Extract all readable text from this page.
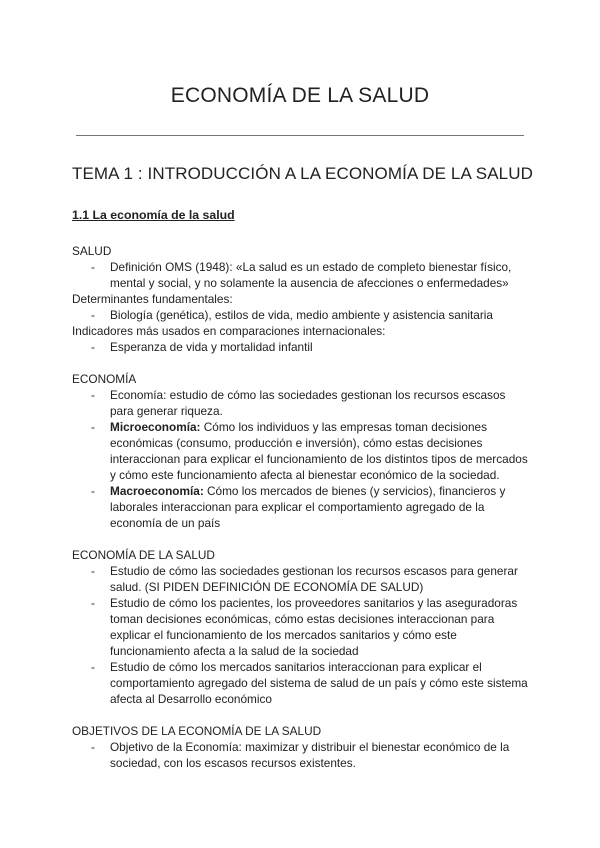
ECONOMÍA DE LA SALUD
TEMA 1 : INTRODUCCIÓN A LA ECONOMÍA DE LA SALUD
1.1 La economía de la salud

SALUD

- Definición OMS (1948): «La salud es un estado de completo bienestar físico, mental y social, y no solamente la ausencia de afecciones o enfermedades»

Determinantes fundamentales:

- Biología (genética), estilos de vida, medio ambiente y asistencia sanitaria

Indicadores más usados en comparaciones internacionales:

- Esperanza de vida y mortalidad infantil

ECONOMÍA

- Economía: estudio de cómo las sociedades gestionan los recursos escasos para generar riqueza.
- Microeconomía: Cómo los individuos y las empresas toman decisiones económicas (consumo, producción e inversión), cómo estas decisiones interaccionan para explicar el funcionamiento de los distintos tipos de mercados y cómo este funcionamiento afecta al bienestar económico de la sociedad.
- Macroeconomía: Cómo los mercados de bienes (y servicios), financieros y laborales interaccionan para explicar el comportamiento agregado de la economía de un país

ECONOMÍA DE LA SALUD

- Estudio de cómo las sociedades gestionan los recursos escasos para generar salud. (SI PIDEN DEFINICIÓN DE ECONOMÍA DE SALUD)
- Estudio de cómo los pacientes, los proveedores sanitarios y las aseguradoras toman decisiones económicas, cómo estas decisiones interaccionan para explicar el funcionamiento de los mercados sanitarios y cómo este funcionamiento afecta a la salud de la sociedad
- Estudio de cómo los mercados sanitarios interaccionan para explicar el comportamiento agregado del sistema de salud de un país y cómo este sistema afecta al Desarrollo económico

OBJETIVOS DE LA ECONOMÍA DE LA SALUD

- Objetivo de la Economía: maximizar y distribuir el bienestar económico de la sociedad, con los escasos recursos existentes.
